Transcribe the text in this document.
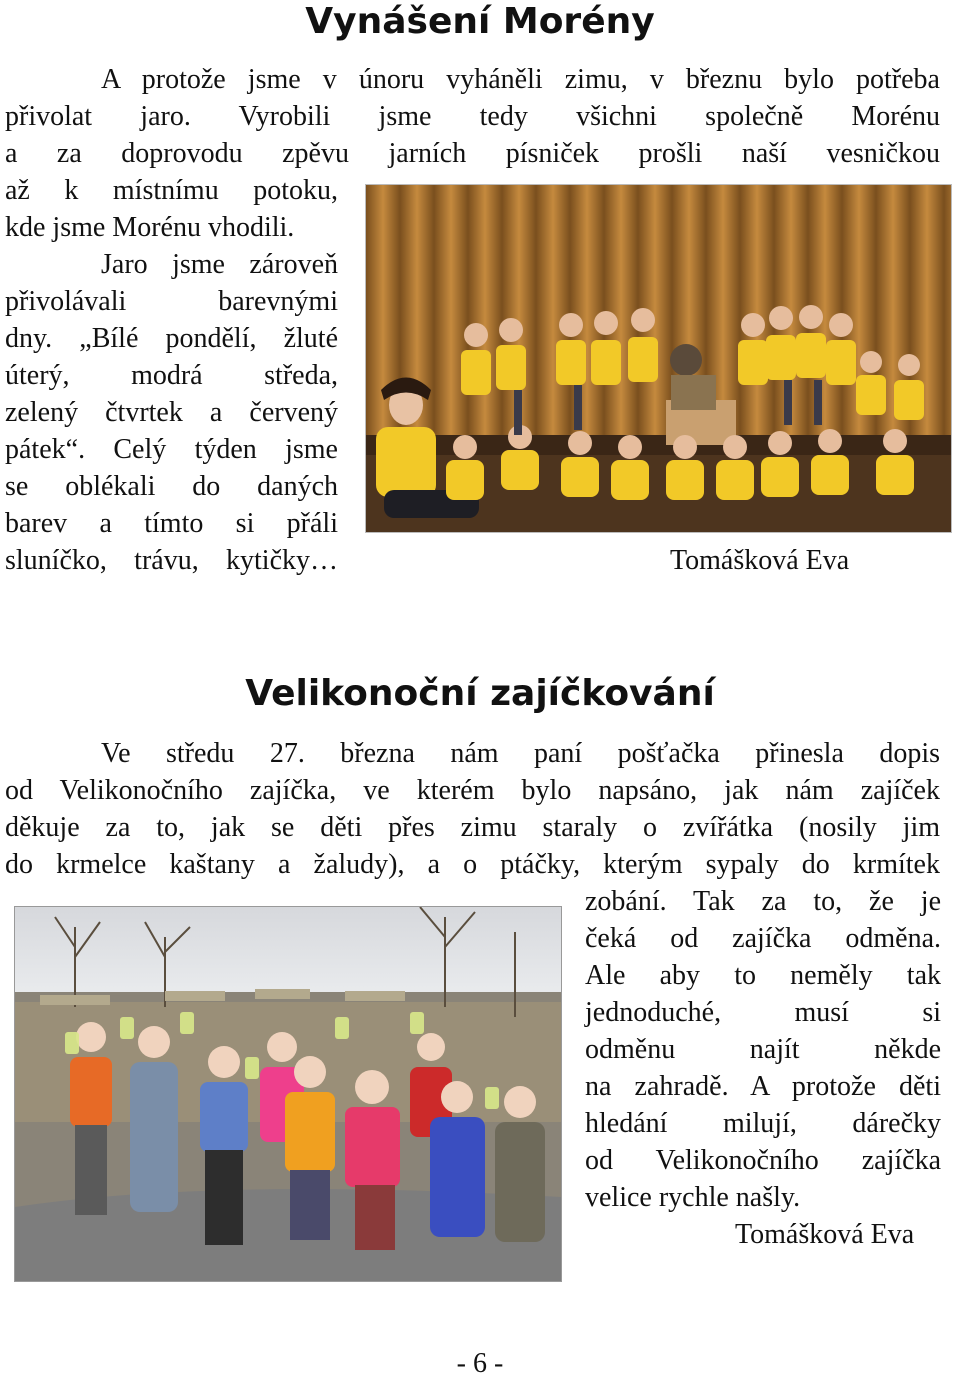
Vynášení Morény
A protože jsme v únoru vyháněli zimu, v březnu bylo potřeba
přivolat jaro. Vyrobili jsme tedy všichni společně Morénu
a za doprovodu zpěvu jarních písniček prošli naší vesničkou
až k místnímu potoku,
kde jsme Morénu vhodili.
Jaro jsme zároveň
přivolávali barevnými
dny. „Bílé pondělí, žluté
úterý, modrá středa,
zelený čtvrtek a červený
pátek“. Celý týden jsme
se oblékali do daných
barev a tímto si přáli
sluníčko, trávu, kytičky…	Tomášková Eva
Velikonoční zajíčkování
Ve středu 27. března nám paní pošťačka přinesla dopis
od Velikonočního zajíčka, ve kterém bylo napsáno, jak nám zajíček
děkuje za to, jak se děti přes zimu staraly o zvířátka (nosily jim
do krmelce kaštany a žaludy), a o ptáčky, kterým sypaly do krmítek
zobání. Tak za to, že je
čeká od zajíčka odměna.
Ale aby to neměly tak
jednoduché, musí si
odměnu najít někde
na zahradě. A protože děti
hledání milují, dárečky
od Velikonočního zajíčka
velice rychle našly.
Tomášková Eva
- 6 -
